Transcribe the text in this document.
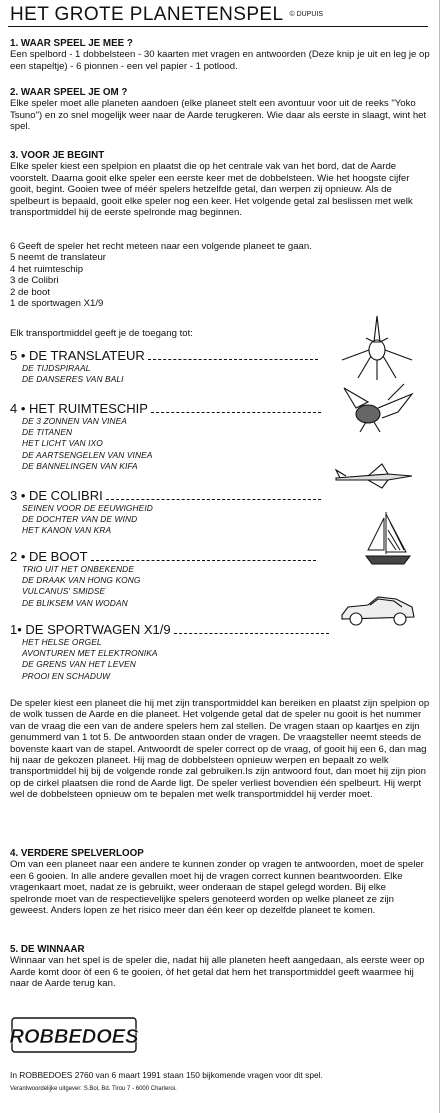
HET GROTE PLANETENSPEL © DUPUIS
1. WAAR SPEEL JE MEE ?

Een spelbord - 1 dobbelsteen - 30 kaarten met vragen en antwoorden (Deze knip je uit en leg je op een stapeltje) - 6 pionnen - een vel papier - 1 potlood.

2. WAAR SPEEL JE OM ?

Elke speler moet alle planeten aandoen (elke planeet stelt een avontuur voor uit de reeks "Yoko Tsuno") en zo snel mogelijk weer naar de Aarde terugkeren. Wie daar als eerste in slaagt, wint het spel.

3. VOOR JE BEGINT

Elke speler kiest een spelpion en plaatst die op het centrale vak van het bord, dat de Aarde voorstelt. Daarna gooit elke speler een eerste keer met de dobbelsteen. Wie het hoogste cijfer gooit, begint. Gooien twee of méér spelers hetzelfde getal, dan werpen zij opnieuw. Als de spelbeurt is bepaald, gooit elke speler nog een keer. Het volgende getal zal beslissen met welk transportmiddel hij de eerste spelronde mag beginnen.

6 Geeft de speler het recht meteen naar een volgende planeet te gaan.
5 neemt de translateur
4 het ruimteschip
3 de Colibri
2 de boot
1 de sportwagen X1/9
Elk transportmiddel geeft je de toegang tot:
5 • DE TRANSLATEUR
DE TIJDSPIRAAL
DE DANSERES VAN BALI
4 • HET RUIMTESCHIP
DE 3 ZONNEN VAN VINEA
DE TITANEN
HET LICHT VAN IXO
DE AARTSENGELEN VAN VINEA
DE BANNELINGEN VAN KIFA
3 • DE COLIBRI
SEINEN VOOR DE EEUWIGHEID
DE DOCHTER VAN DE WIND
HET KANON VAN KRA
2 • DE BOOT
TRIO UIT HET ONBEKENDE
DE DRAAK VAN HONG KONG
VULCANUS' SMIDSE
DE BLIKSEM VAN WODAN
1• DE SPORTWAGEN X1/9
HET HELSE ORGEL
AVONTUREN MET ELEKTRONIKA
DE GRENS VAN HET LEVEN
PROOI EN SCHADUW

De speler kiest een planeet die hij met zijn transportmiddel kan bereiken en plaatst zijn spelpion op de wolk tussen de Aarde en die planeet. Het volgende getal dat de speler nu gooit is het nummer van de vraag die een van de andere spelers hem zal stellen. De vragen staan op kaartjes en zijn genummerd van 1 tot 5. De antwoorden staan onder de vragen. De vraagsteller neemt steeds de bovenste kaart van de stapel. Antwoordt de speler correct op de vraag, of gooit hij een 6, dan mag hij naar de gekozen planeet. Hij mag de dobbelsteen opnieuw werpen en bepaalt zo welk transportmiddel hij bij de volgende ronde zal gebruiken.Is zijn antwoord fout, dan moet hij zijn pion op de cirkel plaatsen die rond de Aarde ligt. De speler verliest bovendien één spelbeurt. Hij werpt wel de dobbelsteen opnieuw om te bepalen met welk transportmiddel hij verder moet.

4. VERDERE SPELVERLOOP

Om van een planeet naar een andere te kunnen zonder op vragen te antwoorden, moet de speler een 6 gooien. In alle andere gevallen moet hij de vragen correct kunnen beantwoorden. Elke vragenkaart moet, nadat ze is gebruikt, weer onderaan de stapel gelegd worden. Bij elke spelronde moet van de respectievelijke spelers genoteerd worden op welke planeet ze zijn geweest. Anders lopen ze het risico meer dan één keer op dezelfde planeet te komen.

5. DE WINNAAR

Winnaar van het spel is de speler die, nadat hij alle planeten heeft aangedaan, als eerste weer op Aarde komt door òf een 6 te gooien, òf het getal dat hem het transportmiddel geeft waarmee hij naar de Aarde terug kan.

ROBBEDOES
In ROBBEDOES 2760 van 6 maart 1991 staan 150 bijkomende vragen voor dit spel.
Verantwoordelijke uitgever: S.Bol, Bd. Tirou 7 - 6000 Charleroi.
